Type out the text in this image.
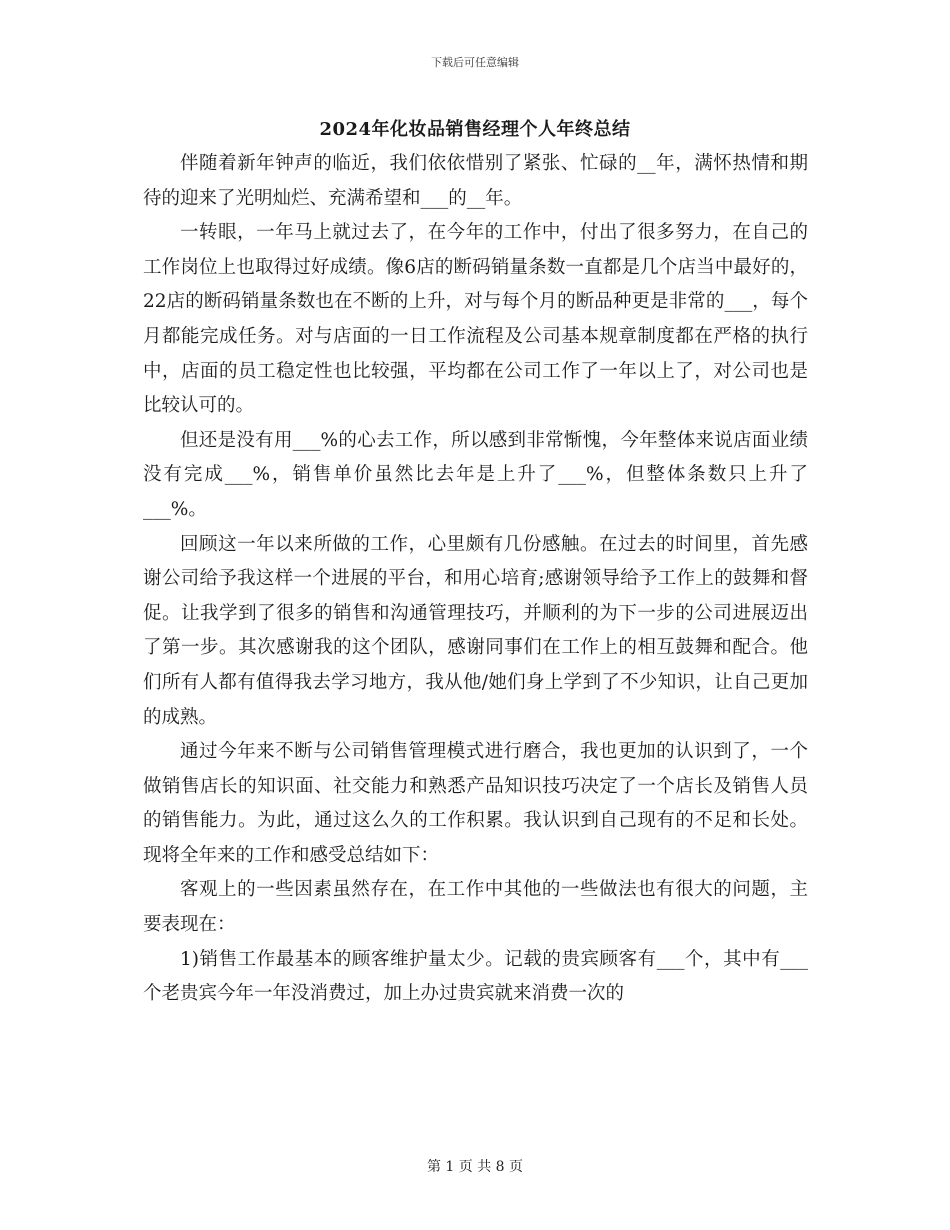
下载后可任意编辑
2024年化妆品销售经理个人年终总结

伴随着新年钟声的临近，我们依依惜别了紧张、忙碌的__年，满怀热情和期待的迎来了光明灿烂、充满希望和___的__年。

一转眼，一年马上就过去了，在今年的工作中，付出了很多努力，在自己的工作岗位上也取得过好成绩。像6店的断码销量条数一直都是几个店当中最好的，22店的断码销量条数也在不断的上升，对与每个月的断品种更是非常的___，每个月都能完成任务。对与店面的一日工作流程及公司基本规章制度都在严格的执行中，店面的员工稳定性也比较强，平均都在公司工作了一年以上了，对公司也是比较认可的。

但还是没有用___%的心去工作，所以感到非常惭愧，今年整体来说店面业绩没有完成___%，销售单价虽然比去年是上升了___%，但整体条数只上升了___%。

回顾这一年以来所做的工作，心里颇有几份感触。在过去的时间里，首先感谢公司给予我这样一个进展的平台，和用心培育;感谢领导给予工作上的鼓舞和督促。让我学到了很多的销售和沟通管理技巧，并顺利的为下一步的公司进展迈出了第一步。其次感谢我的这个团队，感谢同事们在工作上的相互鼓舞和配合。他们所有人都有值得我去学习地方，我从他/她们身上学到了不少知识，让自己更加的成熟。

通过今年来不断与公司销售管理模式进行磨合，我也更加的认识到了，一个做销售店长的知识面、社交能力和熟悉产品知识技巧决定了一个店长及销售人员的销售能力。为此，通过这么久的工作积累。我认识到自己现有的不足和长处。现将全年来的工作和感受总结如下：

客观上的一些因素虽然存在，在工作中其他的一些做法也有很大的问题，主要表现在：

1)销售工作最基本的顾客维护量太少。记载的贵宾顾客有___个，其中有___个老贵宾今年一年没消费过，加上办过贵宾就来消费一次的

第 1 页 共 8 页
